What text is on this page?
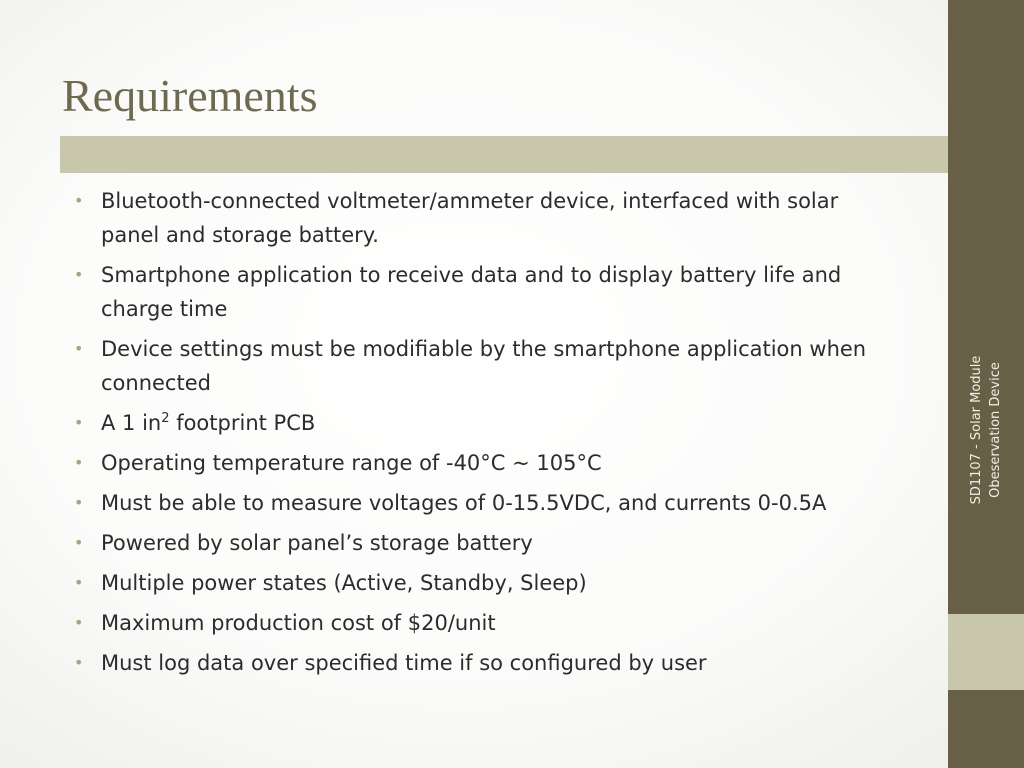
Requirements
• Bluetooth-connected voltmeter/ammeter device, interfaced with solar panel and storage battery.
• Smartphone application to receive data and to display battery life and charge time
• Device settings must be modifiable by the smartphone application when connected
• A 1 $in^2$ footprint PCB
• Operating temperature range of -40°C ~ 105°C
• Must be able to measure voltages of 0-15.5VDC, and currents 0-0.5A
• Powered by solar panel’s storage battery
• Multiple power states (Active, Standby, Sleep)
• Maximum production cost of $20/unit
• Must log data over specified time if so configured by user
SD1107 - Solar Module Obeservation Device
